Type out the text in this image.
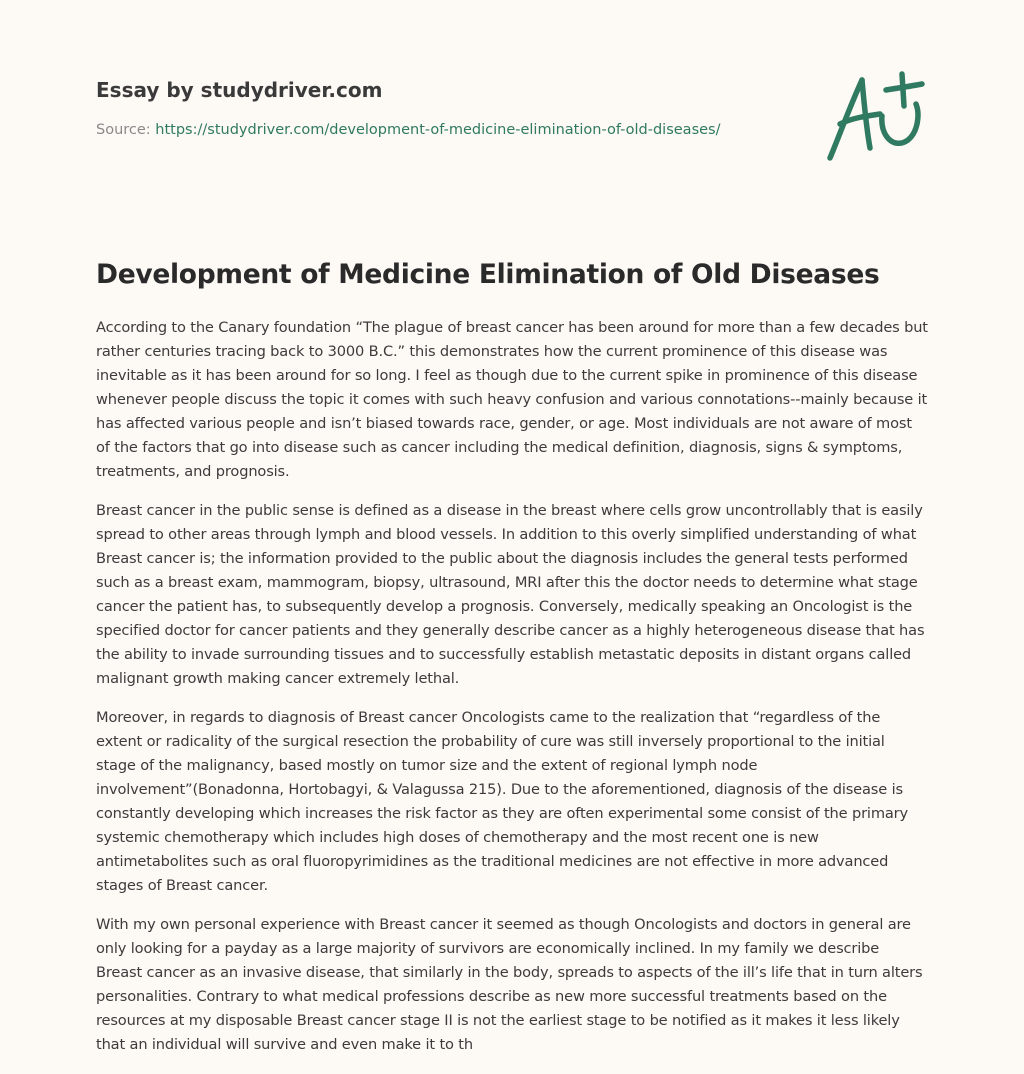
Essay by studydriver.com
Source: https://studydriver.com/development-of-medicine-elimination-of-old-diseases/
Development of Medicine Elimination of Old Diseases

According to the Canary foundation “The plague of breast cancer has been around for more than a few decades but rather centuries tracing back to 3000 B.C.” this demonstrates how the current prominence of this disease was inevitable as it has been around for so long. I feel as though due to the current spike in prominence of this disease whenever people discuss the topic it comes with such heavy confusion and various connotations--mainly because it has affected various people and isn’t biased towards race, gender, or age. Most individuals are not aware of most of the factors that go into disease such as cancer including the medical definition, diagnosis, signs & symptoms, treatments, and prognosis.

Breast cancer in the public sense is defined as a disease in the breast where cells grow uncontrollably that is easily spread to other areas through lymph and blood vessels. In addition to this overly simplified understanding of what Breast cancer is; the information provided to the public about the diagnosis includes the general tests performed such as a breast exam, mammogram, biopsy, ultrasound, MRI after this the doctor needs to determine what stage cancer the patient has, to subsequently develop a prognosis. Conversely, medically speaking an Oncologist is the specified doctor for cancer patients and they generally describe cancer as a highly heterogeneous disease that has the ability to invade surrounding tissues and to successfully establish metastatic deposits in distant organs called malignant growth making cancer extremely lethal.

Moreover, in regards to diagnosis of Breast cancer Oncologists came to the realization that “regardless of the extent or radicality of the surgical resection the probability of cure was still inversely proportional to the initial stage of the malignancy, based mostly on tumor size and the extent of regional lymph node involvement”(Bonadonna, Hortobagyi, & Valagussa 215). Due to the aforementioned, diagnosis of the disease is constantly developing which increases the risk factor as they are often experimental some consist of the primary systemic chemotherapy which includes high doses of chemotherapy and the most recent one is new antimetabolites such as oral fluoropyrimidines as the traditional medicines are not effective in more advanced stages of Breast cancer.

With my own personal experience with Breast cancer it seemed as though Oncologists and doctors in general are only looking for a payday as a large majority of survivors are economically inclined. In my family we describe Breast cancer as an invasive disease, that similarly in the body, spreads to aspects of the ill’s life that in turn alters personalities. Contrary to what medical professions describe as new more successful treatments based on the resources at my disposable Breast cancer stage II is not the earliest stage to be notified as it makes it less likely that an individual will survive and even make it to th
